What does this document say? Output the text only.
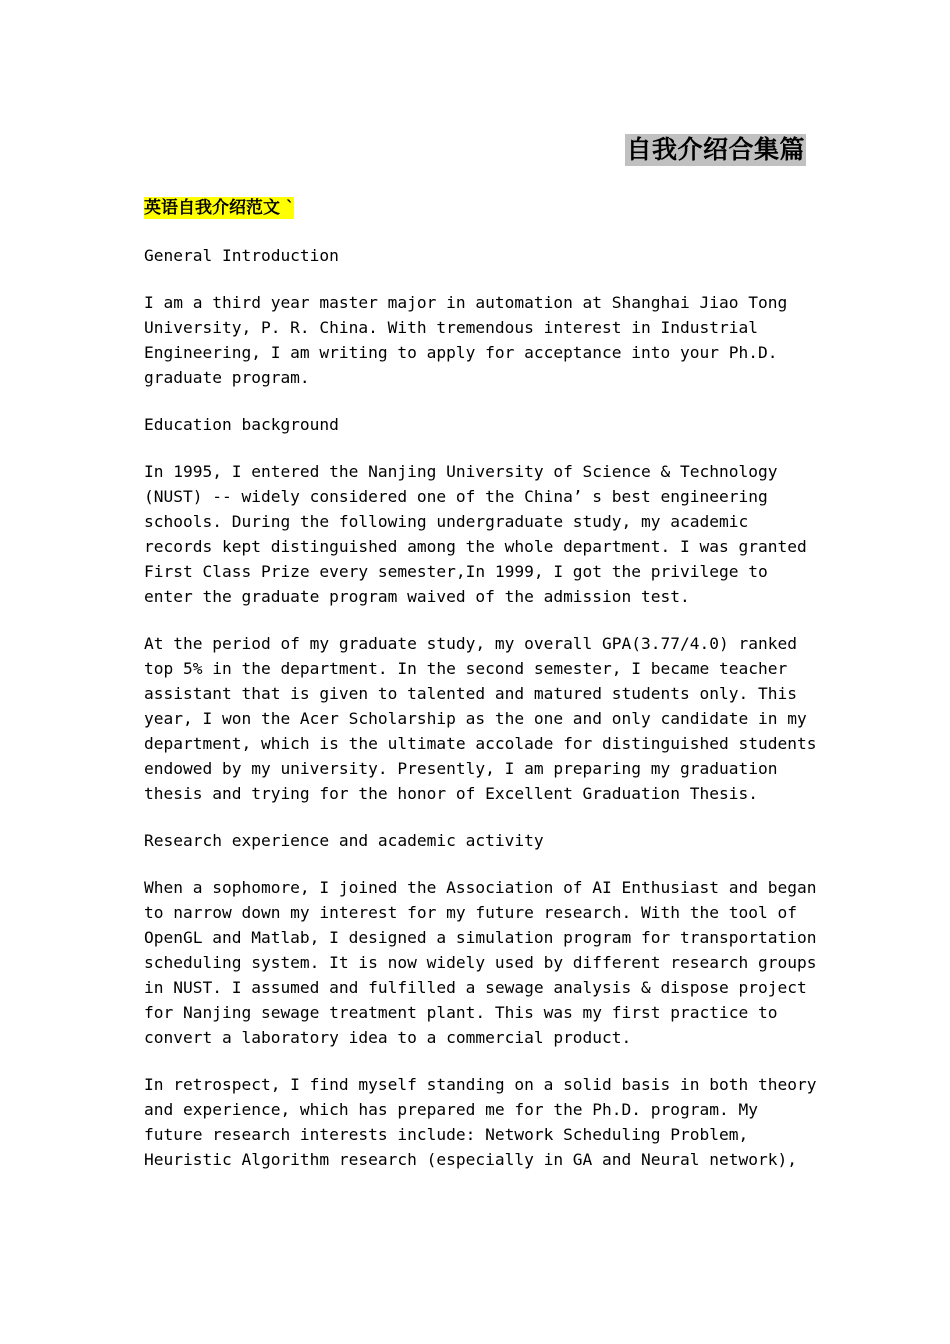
自我介绍合集篇

英语自我介绍范文 `

General Introduction

I am a third year master major in automation at Shanghai Jiao Tong
University, P. R. China. With tremendous interest in Industrial
Engineering, I am writing to apply for acceptance into your Ph.D.
graduate program.

Education background

In 1995, I entered the Nanjing University of Science & Technology
(NUST) -- widely considered one of the China’ s best engineering
schools. During the following undergraduate study, my academic
records kept distinguished among the whole department. I was granted
First Class Prize every semester,In 1999, I got the privilege to
enter the graduate program waived of the admission test.

At the period of my graduate study, my overall GPA(3.77/4.0) ranked
top 5% in the department. In the second semester, I became teacher
assistant that is given to talented and matured students only. This
year, I won the Acer Scholarship as the one and only candidate in my
department, which is the ultimate accolade for distinguished students
endowed by my university. Presently, I am preparing my graduation
thesis and trying for the honor of Excellent Graduation Thesis.

Research experience and academic activity

When a sophomore, I joined the Association of AI Enthusiast and began
to narrow down my interest for my future research. With the tool of
OpenGL and Matlab, I designed a simulation program for transportation
scheduling system. It is now widely used by different research groups
in NUST. I assumed and fulfilled a sewage analysis & dispose project
for Nanjing sewage treatment plant. This was my first practice to
convert a laboratory idea to a commercial product.

In retrospect, I find myself standing on a solid basis in both theory
and experience, which has prepared me for the Ph.D. program. My
future research interests include: Network Scheduling Problem,
Heuristic Algorithm research (especially in GA and Neural network),
